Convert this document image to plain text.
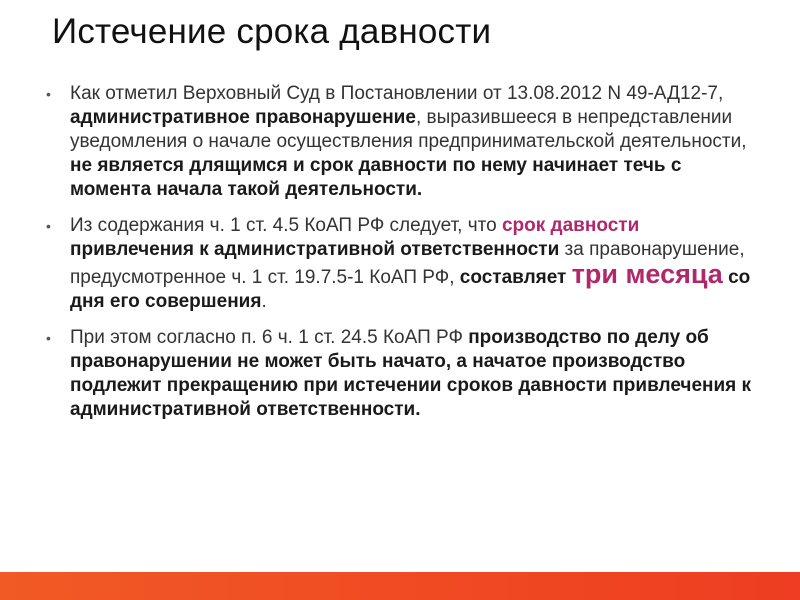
Истечение срока давности
• Как отметил Верховный Суд в Постановлении от 13.08.2012 N 49-АД12-7, административное правонарушение, выразившееся в непредставлении уведомления о начале осуществления предпринимательской деятельности, не является длящимся и срок давности по нему начинает течь с момента начала такой деятельности.
• Из содержания ч. 1 ст. 4.5 КоАП РФ следует, что срок давности привлечения к административной ответственности за правонарушение, предусмотренное ч. 1 ст. 19.7.5-1 КоАП РФ, составляет три месяца со дня его совершения.
• При этом согласно п. 6 ч. 1 ст. 24.5 КоАП РФ производство по делу об правонарушении не может быть начато, а начатое производство подлежит прекращению при истечении сроков давности привлечения к административной ответственности.
